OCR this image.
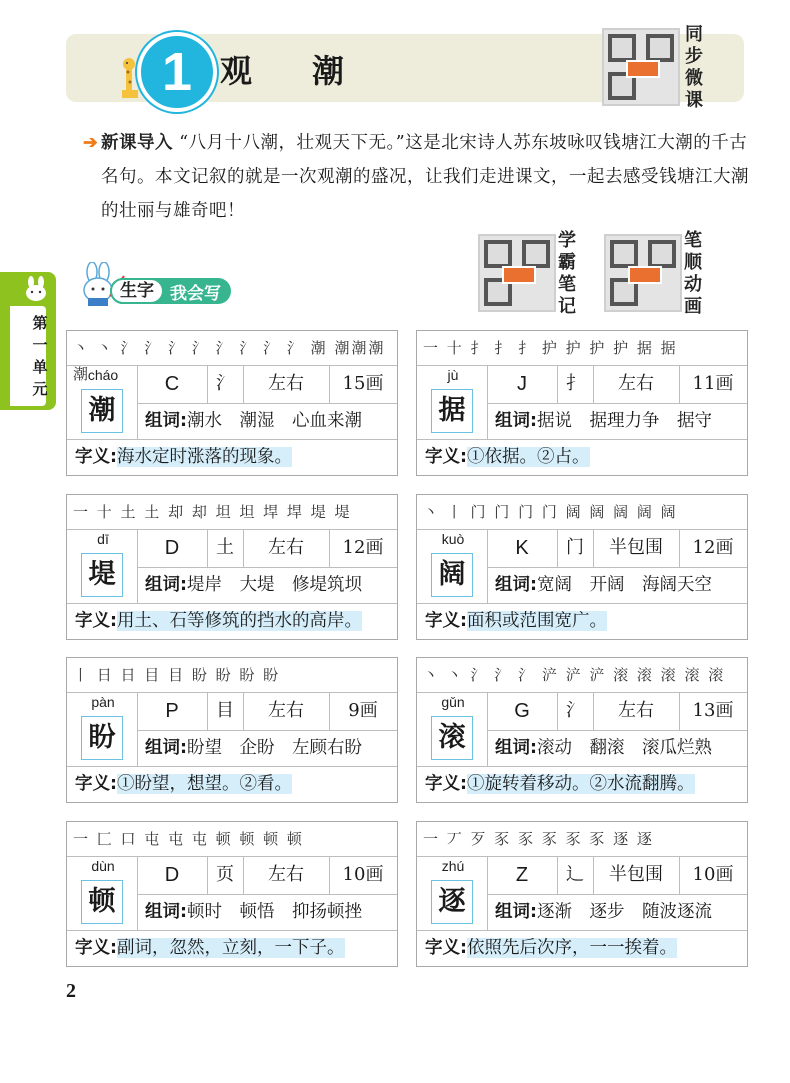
1 观潮
同步微课
➔ 新课导入 “八月十八潮，壮观天下无。”这是北宋诗人苏东坡咏叹钱塘江大潮的千古名句。本文记叙的就是一次观潮的盛况，让我们走进课文，一起去感受钱塘江大潮的壮丽与雄奇吧！
学霸笔记
笔顺动画
第一单元
生字 我会写
丶 丶 氵 氵 氵 氵 氵 氵 氵 氵 潮 潮潮潮潮
cháo
潮
C	氵	左右	15画
组词:潮水　潮湿　心血来潮
字义:海水定时涨落的现象。
一 十 扌 扌 扌 护 护 护 护 据 据
jù
据
J	扌	左右	11画
组词:据说　据理力争　据守
字义:①依据。②占。
一 十 土 土 却 却 坦 坦 垾 垾 堤 堤
dī
堤
D	土	左右	12画
组词:堤岸　大堤　修堤筑坝
字义:用土、石等修筑的挡水的高岸。
丶 丨 门 门 门 门 阔 阔 阔 阔 阔
kuò
阔
K	门	半包围	12画
组词:宽阔　开阔　海阔天空
字义:面积或范围宽广。
丨 日 日 目 目 盼 盼 盼 盼
pàn
盼
P	目	左右	9画
组词:盼望　企盼　左顾右盼
字义:①盼望，想望。②看。
丶 丶 氵 氵 氵 浐 浐 浐 滚 滚 滚 滚 滚
gǔn
滚
G	氵	左右	13画
组词:滚动　翻滚　滚瓜烂熟
字义:①旋转着移动。②水流翻腾。
一 匚 口 屯 屯 屯 顿 顿 顿 顿
dùn
顿
D	页	左右	10画
组词:顿时　顿悟　抑扬顿挫
字义:副词，忽然，立刻，一下子。
一 丆 歹 豕 豕 豕 豕 豕 逐 逐
zhú
逐
Z	辶	半包围	10画
组词:逐渐　逐步　随波逐流
字义:依照先后次序，一一挨着。
2
